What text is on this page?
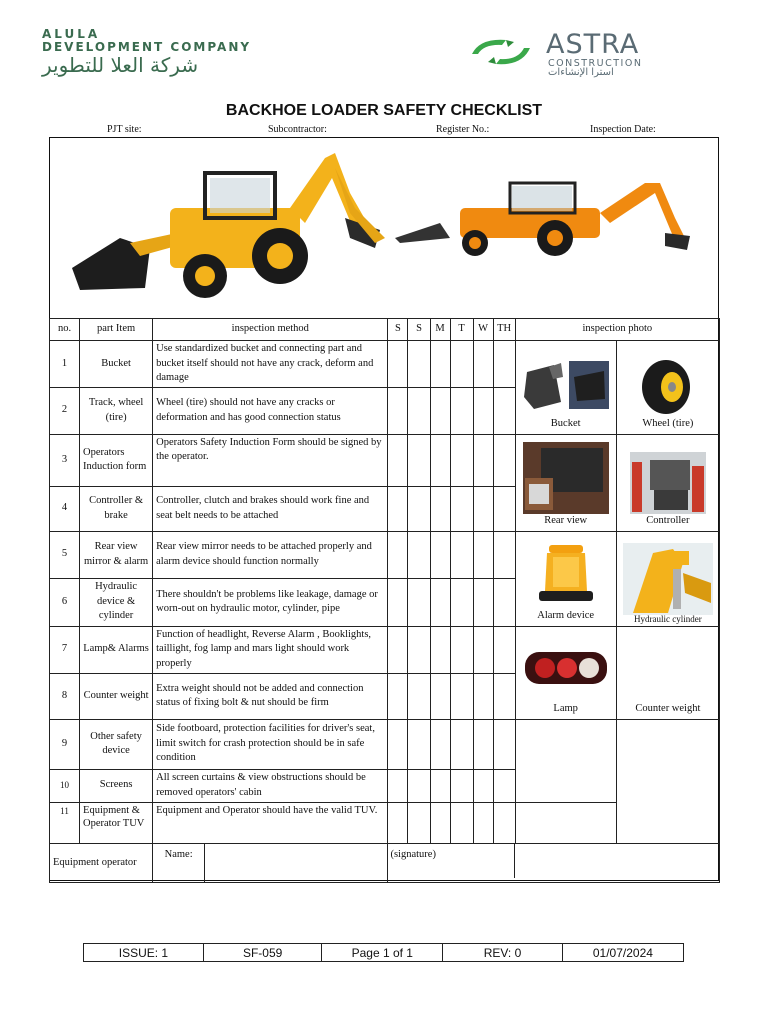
ALULA
DEVELOPMENT COMPANY
شركة العلا للتطوير
ASTRA
CONSTRUCTION
استرا الإنشاءات
BACKHOE LOADER SAFETY CHECKLIST
PJT site:	Subcontractor:	Register No.:	Inspection Date:
no.	part Item	inspection method	S	S	M	T	W	TH	inspection photo	
1	Bucket	Use standardized bucket and connecting part and bucket itself should not have any crack, deform and damage							Bucket	Wheel (tire)

2	Track, wheel (tire)	Wheel (tire) should not have any cracks or deformation and has good connection status								
3	Operators Induction form	Operators Safety Induction Form should be signed by the operator.							Rear view	Controller

4	Controller & brake	Controller, clutch and brakes should work fine and seat belt needs to be attached								
5	Rear view mirror & alarm	Rear view mirror needs to be attached properly and alarm device should function normally							Alarm device	Hydraulic cylinder

6	Hydraulic device & cylinder	There shouldn't be problems like leakage, damage or worn-out on hydraulic motor, cylinder, pipe								
7	Lamp& Alarms	Function of headlight, Reverse Alarm , Booklights, taillight, fog lamp and mars light should work properly							Lamp	Counter weight

8	Counter weight	Extra weight should not be added and connection status of fixing bolt & nut should be firm								
9	Other safety device	Side footboard, protection facilities for driver's seat, limit switch for crash protection should be in safe condition								
10	Screens	All screen curtains & view obstructions should be removed operators' cabin								
11	Equipment & Operator TUV	Equipment and Operator should have the valid TUV.								
Equipment operator		Name:	(signature)							
ISSUE: 1	SF-059	Page 1 of 1	REV: 0	01/07/2024
